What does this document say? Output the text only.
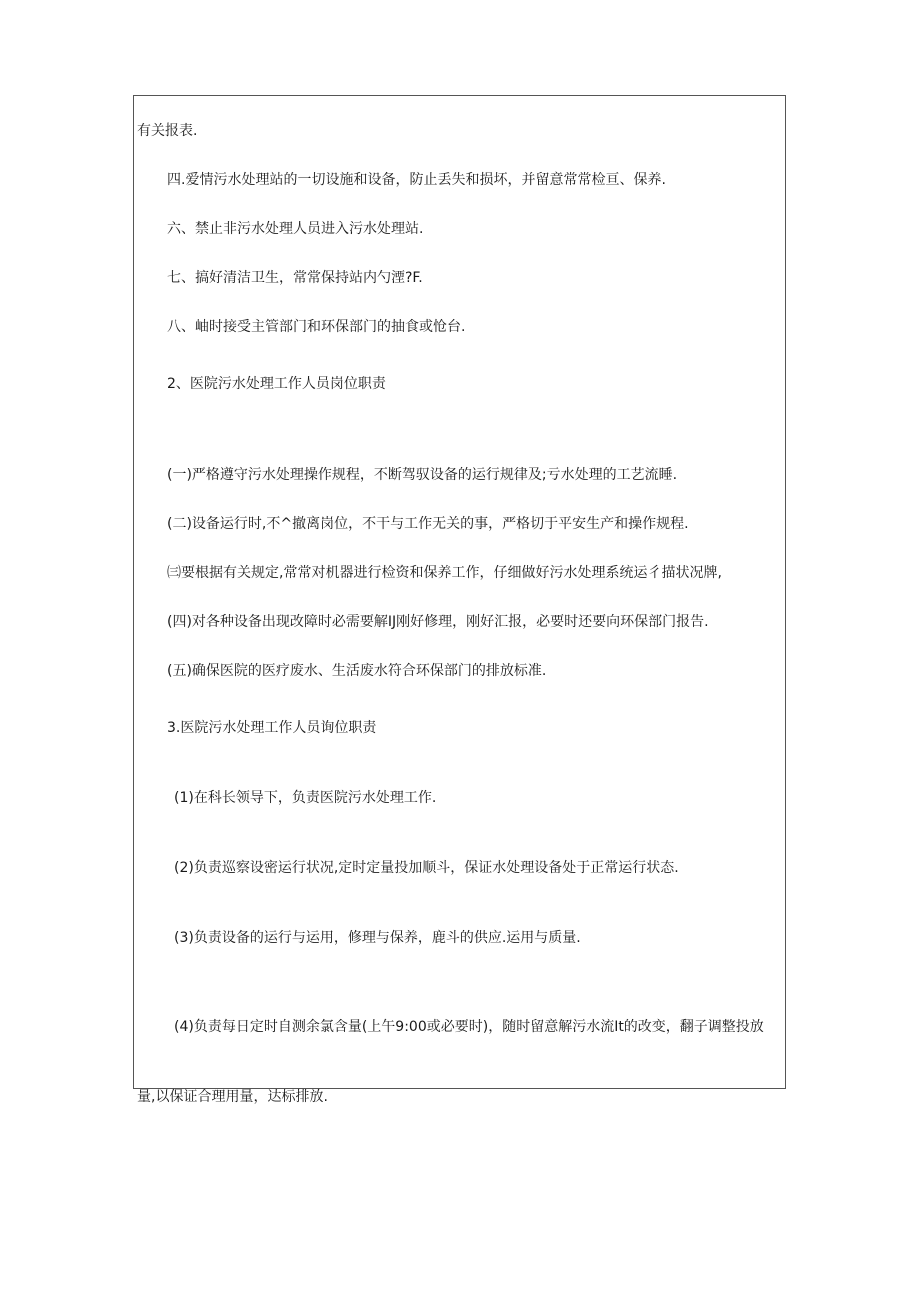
有关报表.
四.爱情污水处理站的一切设施和设备，防止丢失和损坏，并留意常常检亘、保养.
六、禁止非污水处理人员进入污水处理站.
七、搞好清洁卫生，常常保持站内勺湮?F.
八、岫时接受主管部门和环保部门的抽食或怆台.
2、医院污水处理工作人员岗位职责
(一)严格遵守污水处理操作规程，不断驾驭设备的运行规律及;亏水处理的工艺流睡.
(二)设备运行时,不^撤离岗位，不干与工作无关的事，严格切于平安生产和操作规程.
㈢要根据有关规定,常常对机器进行检资和保养工作，仔细做好污水处理系统运彳描状况牌,
(四)对各种设备出现改障时必需要解IJ刚好修理，刚好汇报，必要时还要向环保部门报告.
(五)确保医院的医疗废水、生活废水符合环保部门的排放标准.
3.医院污水处理工作人员询位职责
(1)在科长领导下，负责医院污水处理工作.
(2)负责巡察设密运行状况,定时定量投加顺斗，保证水处理设备处于正常运行状态.
(3)负责设备的运行与运用，修理与保养，鹿斗的供应.运用与质量.
(4)负责每日定时自测余氯含量(上午9:00或必要时)，随时留意解污水流It的改变，翻子调整投放
量,以保证合理用量，达标排放.
